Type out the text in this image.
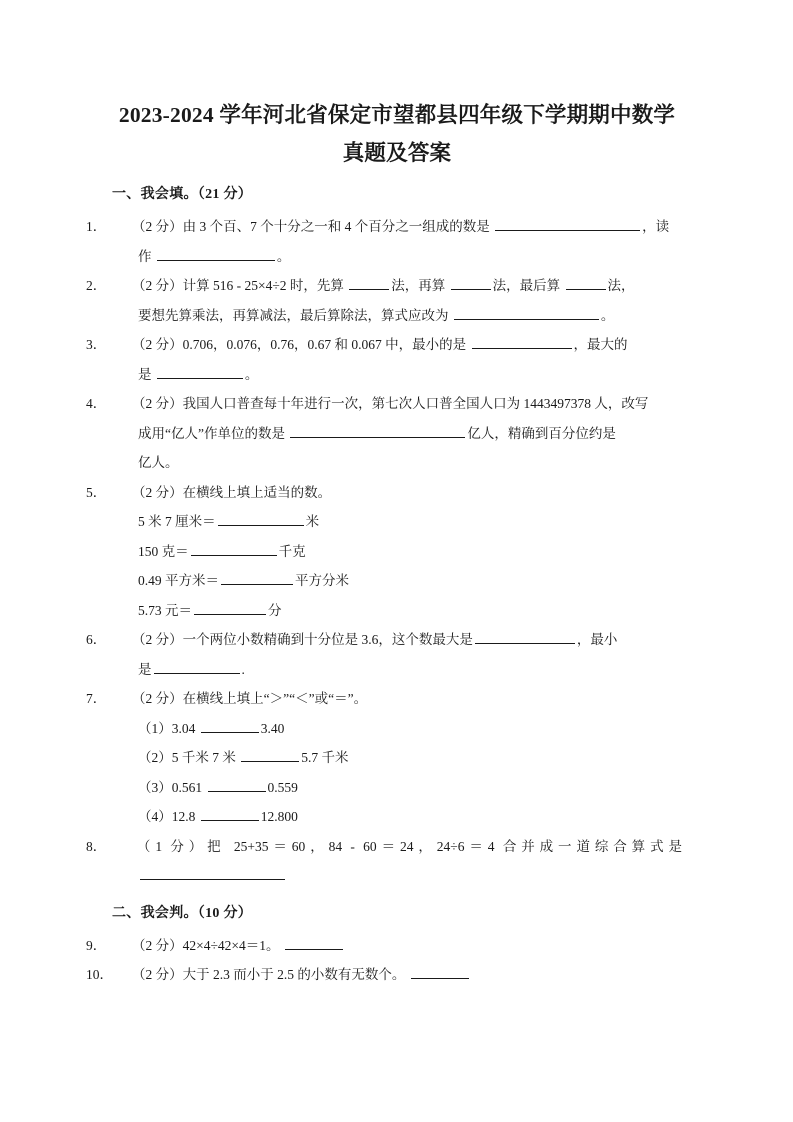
2023-2024 学年河北省保定市望都县四年级下学期期中数学
真题及答案
一、我会填。（21 分）
1． （2 分）由 3 个百、7 个十分之一和 4 个百分之一组成的数是	，读
作	。
2． （2 分）计算 516 - 25×4÷2 时，先算	法，再算	法，最后算	法，
要想先算乘法，再算减法，最后算除法，算式应改为	。
3． （2 分）0.706，0.076，0.76，0.67 和 0.067 中，最小的是	，最大的
是	。
4． （2 分）我国人口普查每十年进行一次，第七次人口普全国人口为 1443497378 人，改写
成用“亿人”作单位的数是	亿人，精确到百分位约是
亿人。
5． （2 分）在横线上填上适当的数。
5 米 7 厘米＝	米
150 克＝	千克
0.49 平方米＝	平方分米
5.73 元＝	分
6． （2 分）一个两位小数精确到十分位是 3.6，这个数最大是	，最小
是	.
7． （2 分）在横线上填上“＞”“＜”或“＝”。
（1）3.04	3.40
（2）5 千米 7 米	5.7 千米
（3）0.561	0.559
（4）12.8	12.800
8． （1 分）把 25+35＝60，84 - 60＝24，24÷6＝4 合并成一道综合算式是
二、我会判。（10 分）
9． （2 分）42×4÷42×4＝1。
10． （2 分）大于 2.3 而小于 2.5 的小数有无数个。
